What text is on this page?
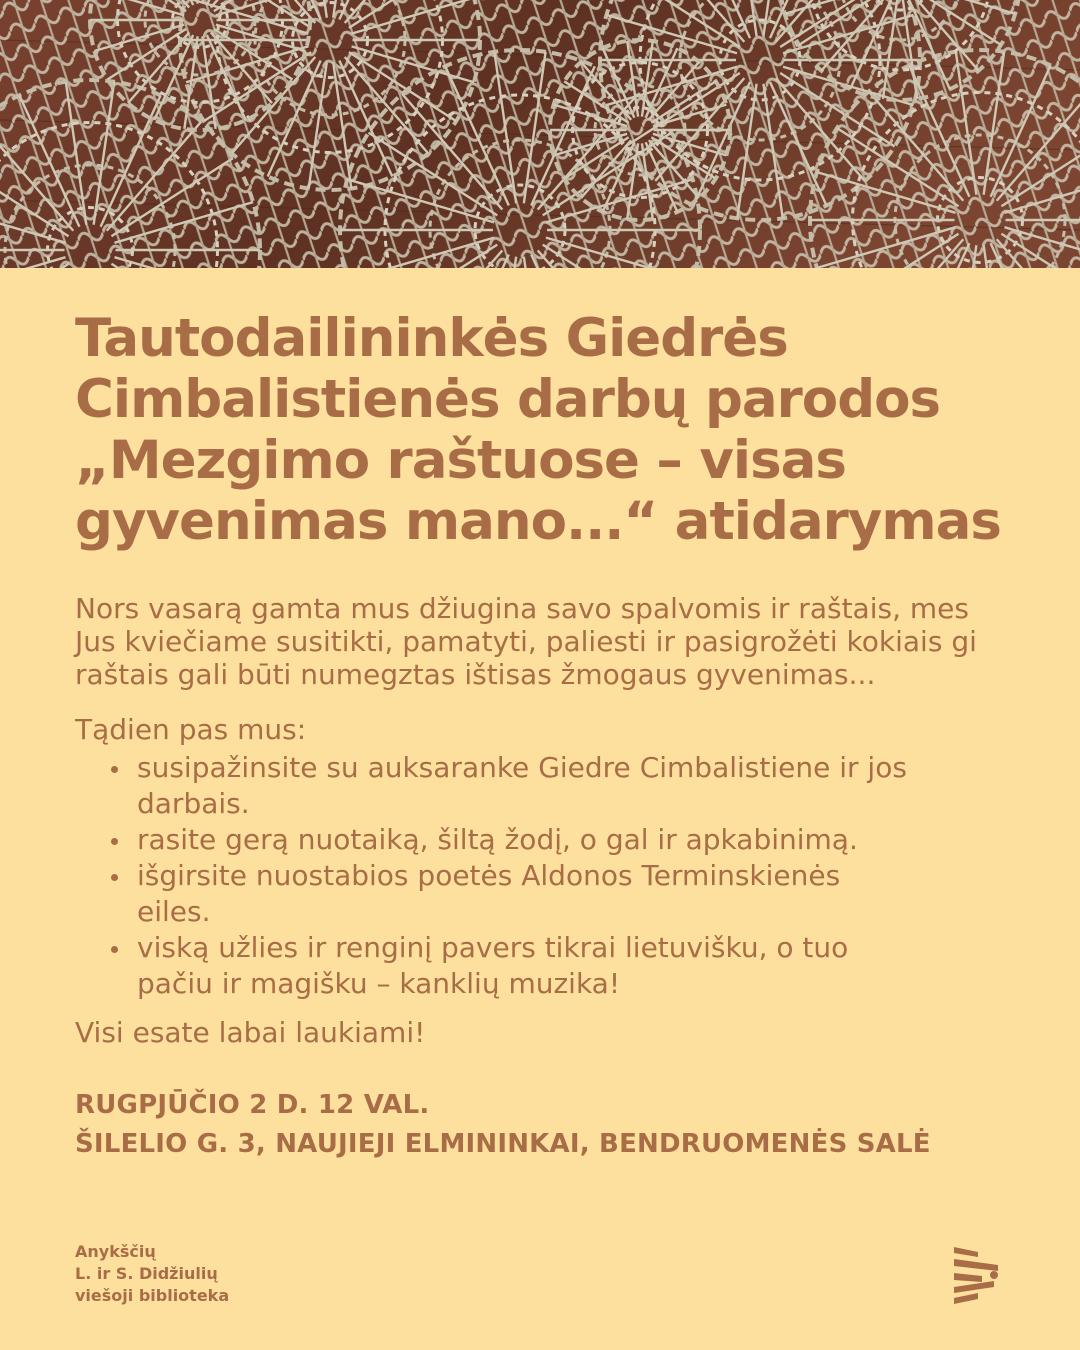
Tautodailininkės Giedrės
Cimbalistienės darbų parodos
„Mezgimo raštuose – visas
gyvenimas mano...“ atidarymas

Nors vasarą gamta mus džiugina savo spalvomis ir raštais, mes Jus kviečiame susitikti, pamatyti, paliesti ir pasigrožėti kokiais gi raštais gali būti numegztas ištisas žmogaus gyvenimas...

Tądien pas mus:

susipažinsite su auksaranke Giedre Cimbalistiene ir jos darbais.
rasite gerą nuotaiką, šiltą žodį, o gal ir apkabinimą.
išgirsite nuostabios poetės Aldonos Terminskienės eiles.
viską užlies ir renginį pavers tikrai lietuvišku, o tuo pačiu ir magišku – kanklių muzika!

Visi esate labai laukiami!

RUGPJŪČIO 2 D. 12 VAL.
ŠILELIO G. 3, NAUJIEJI ELMININKAI, BENDRUOMENĖS SALĖ
Anykščių
L. ir S. Didžiulių
viešoji biblioteka
